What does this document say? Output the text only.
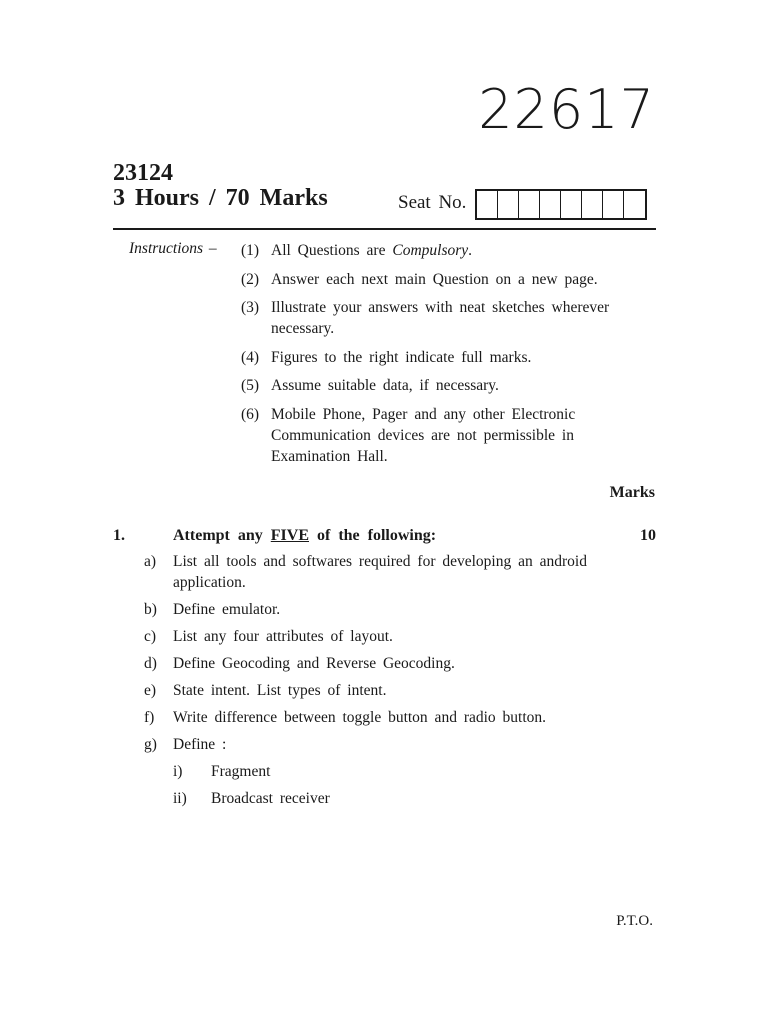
22617
23124
3 Hours / 70 Marks	Seat No.
Instructions – (1) All Questions are Compulsory.
(2) Answer each next main Question on a new page.
(3) Illustrate your answers with neat sketches wherever necessary.
(4) Figures to the right indicate full marks.
(5) Assume suitable data, if necessary.
(6) Mobile Phone, Pager and any other Electronic Communication devices are not permissible in Examination Hall.
Marks
1.	Attempt any FIVE of the following:	10
a)	List all tools and softwares required for developing an android application.
b)	Define emulator.
c)	List any four attributes of layout.
d)	Define Geocoding and Reverse Geocoding.
e)	State intent. List types of intent.
f)	Write difference between toggle button and radio button.
g)	Define :
i)	Fragment
ii)	Broadcast receiver
P.T.O.
